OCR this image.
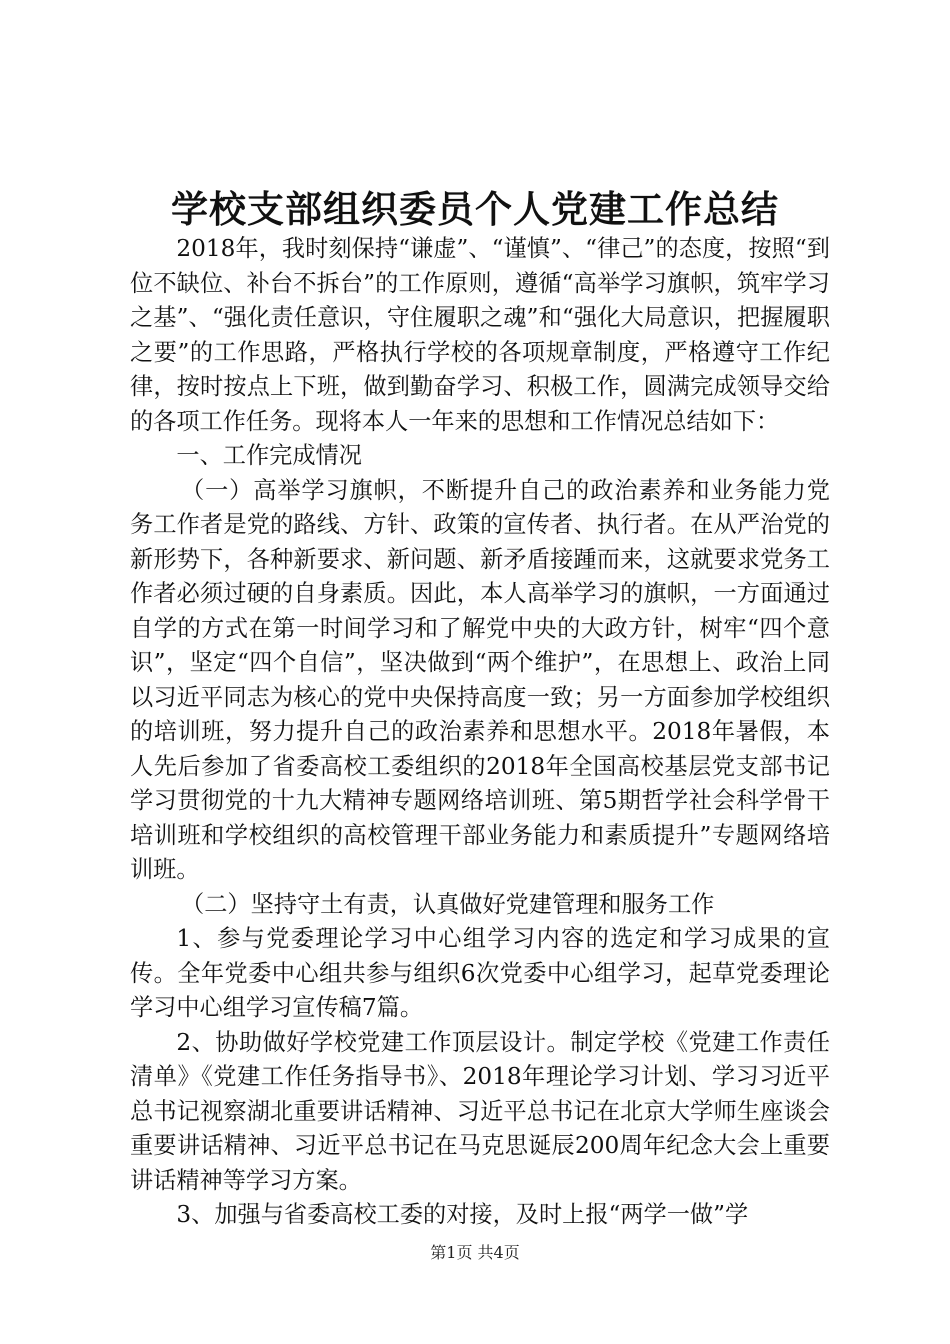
学校支部组织委员个人党建工作总结

2018年，我时刻保持“谦虚”、“谨慎”、“律己”的态度，按照“到位不缺位、补台不拆台”的工作原则，遵循“高举学习旗帜，筑牢学习之基”、“强化责任意识，守住履职之魂”和“强化大局意识，把握履职之要”的工作思路，严格执行学校的各项规章制度，严格遵守工作纪律，按时按点上下班，做到勤奋学习、积极工作，圆满完成领导交给的各项工作任务。现将本人一年来的思想和工作情况总结如下：

一、工作完成情况

（一）高举学习旗帜，不断提升自己的政治素养和业务能力党务工作者是党的路线、方针、政策的宣传者、执行者。在从严治党的新形势下，各种新要求、新问题、新矛盾接踵而来，这就要求党务工作者必须过硬的自身素质。因此，本人高举学习的旗帜，一方面通过自学的方式在第一时间学习和了解党中央的大政方针，树牢“四个意识”，坚定“四个自信”，坚决做到“两个维护”，在思想上、政治上同以习近平同志为核心的党中央保持高度一致；另一方面参加学校组织的培训班，努力提升自己的政治素养和思想水平。2018年暑假，本人先后参加了省委高校工委组织的2018年全国高校基层党支部书记学习贯彻党的十九大精神专题网络培训班、第5期哲学社会科学骨干培训班和学校组织的高校管理干部业务能力和素质提升”专题网络培训班。

（二）坚持守土有责，认真做好党建管理和服务工作

1、参与党委理论学习中心组学习内容的选定和学习成果的宣传。全年党委中心组共参与组织6次党委中心组学习，起草党委理论学习中心组学习宣传稿7篇。

2、协助做好学校党建工作顶层设计。制定学校《党建工作责任清单》《党建工作任务指导书》、2018年理论学习计划、学习习近平总书记视察湖北重要讲话精神、习近平总书记在北京大学师生座谈会重要讲话精神、习近平总书记在马克思诞辰200周年纪念大会上重要讲话精神等学习方案。

3、加强与省委高校工委的对接，及时上报“两学一做”学

第1页 共4页
